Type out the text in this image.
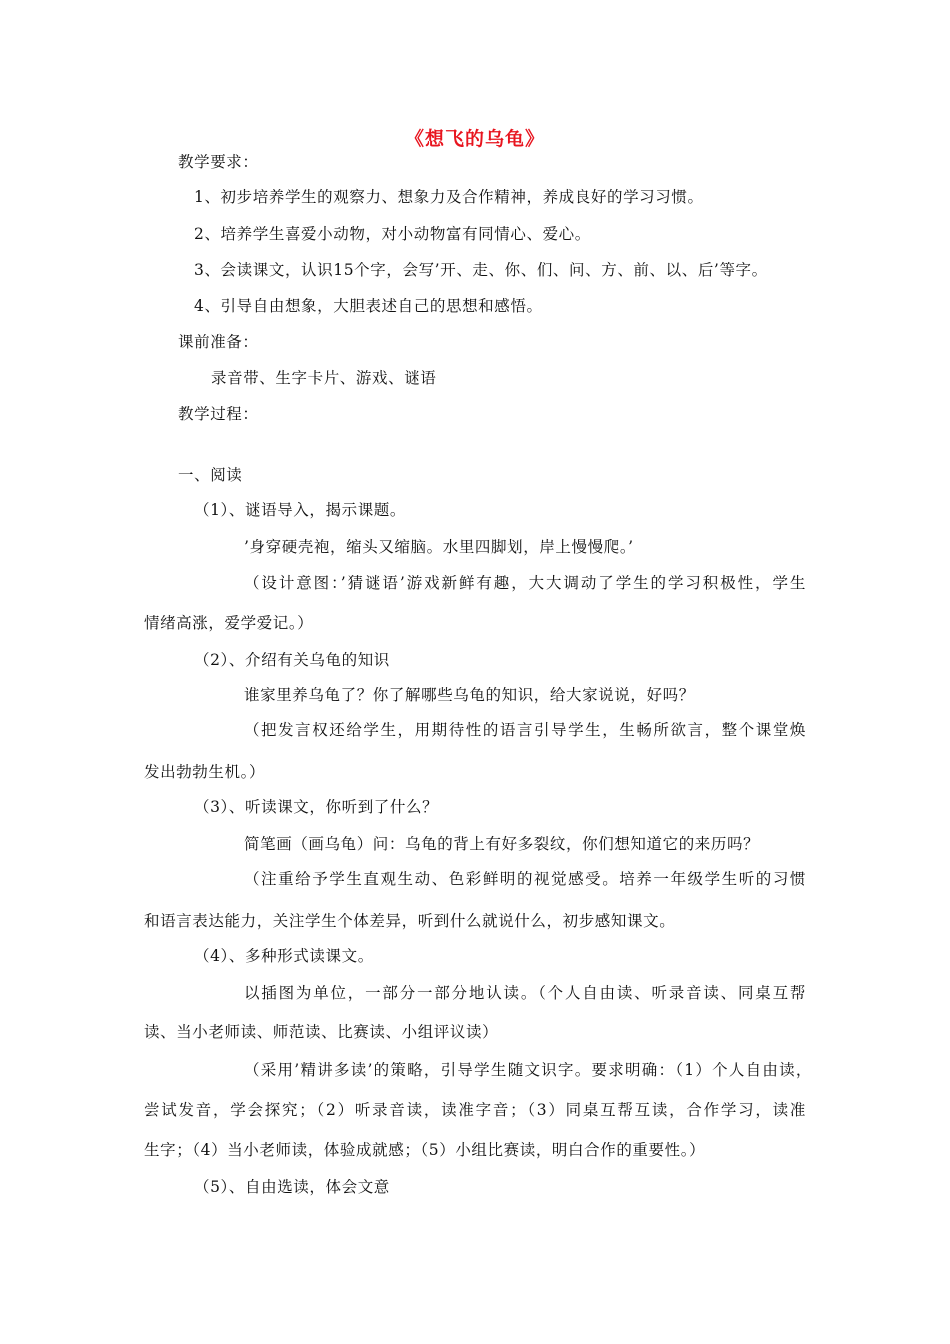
《想飞的乌龟》
教学要求：
1、初步培养学生的观察力、想象力及合作精神，养成良好的学习习惯。
2、培养学生喜爱小动物，对小动物富有同情心、爱心。
3、会读课文，认识15个字，会写’开、走、你、们、问、方、前、以、后’等字。
4、引导自由想象，大胆表述自己的思想和感悟。
课前准备：
录音带、生字卡片、游戏、谜语
教学过程：
一、阅读
（1）、谜语导入，揭示课题。
’身穿硬壳袍，缩头又缩脑。水里四脚划，岸上慢慢爬。’
（设计意图：’猜谜语’游戏新鲜有趣，大大调动了学生的学习积极性，学生
情绪高涨，爱学爱记。）
（2）、介绍有关乌龟的知识
谁家里养乌龟了？你了解哪些乌龟的知识，给大家说说，好吗？
（把发言权还给学生，用期待性的语言引导学生，生畅所欲言，整个课堂焕
发出勃勃生机。）
（3）、听读课文，你听到了什么？
简笔画（画乌龟）问：乌龟的背上有好多裂纹，你们想知道它的来历吗？
（注重给予学生直观生动、色彩鲜明的视觉感受。培养一年级学生听的习惯
和语言表达能力，关注学生个体差异，听到什么就说什么，初步感知课文。
（4）、多种形式读课文。
以插图为单位，一部分一部分地认读。（个人自由读、听录音读、同桌互帮
读、当小老师读、师范读、比赛读、小组评议读）
（采用’精讲多读’的策略，引导学生随文识字。要求明确：（1）个人自由读，
尝试发音，学会探究；（2）听录音读，读准字音；（3）同桌互帮互读，合作学习，读准
生字；（4）当小老师读，体验成就感；（5）小组比赛读，明白合作的重要性。）
（5）、自由选读，体会文意
